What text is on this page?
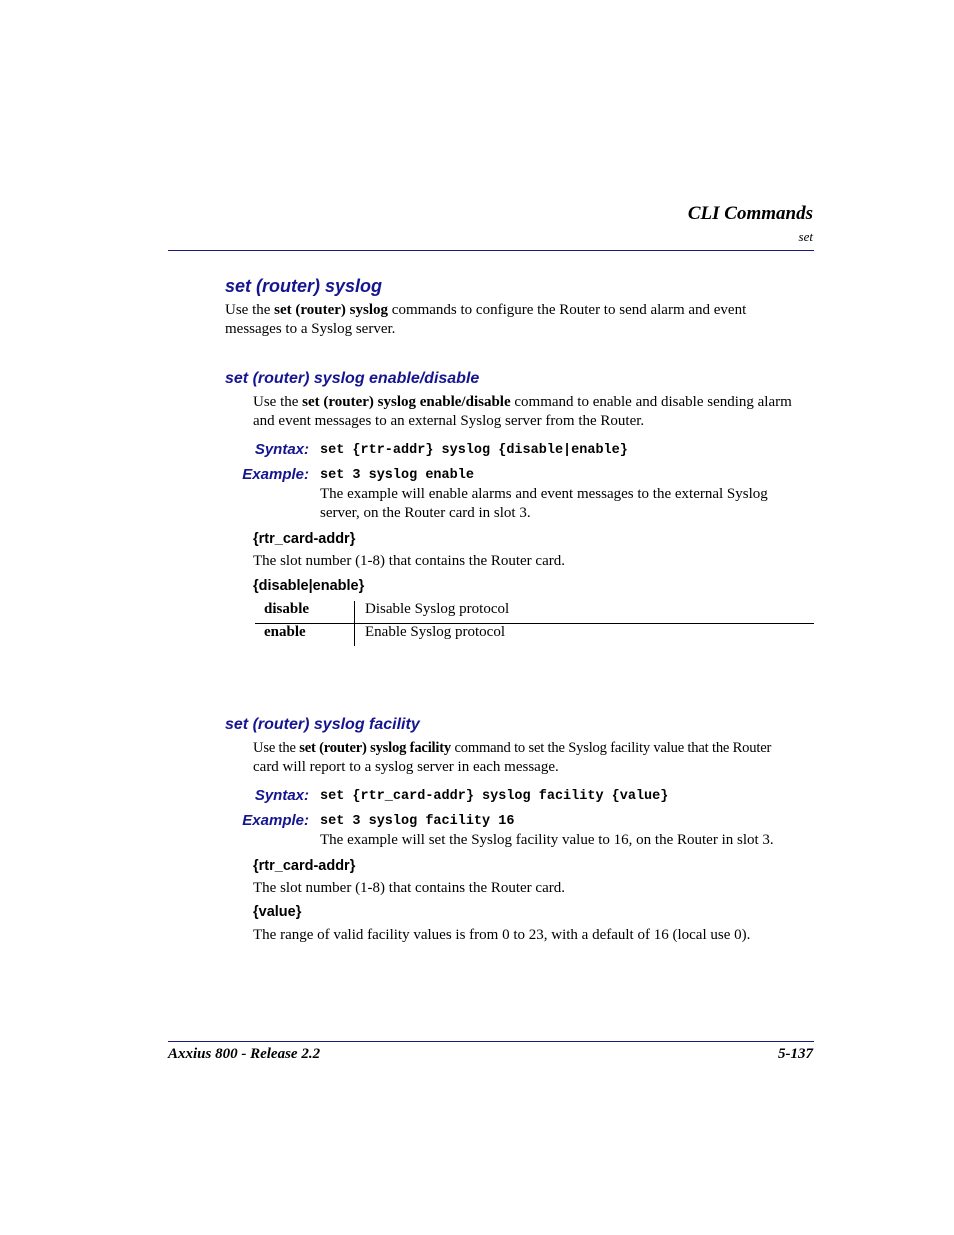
CLI Commands
set
set (router) syslog
Use the set (router) syslog commands to configure the Router to send alarm and event
messages to a Syslog server.
set (router) syslog enable/disable
Use the set (router) syslog enable/disable command to enable and disable sending alarm
and event messages to an external Syslog server from the Router.
Syntax: set {rtr-addr} syslog {disable|enable}
Example: set 3 syslog enable
The example will enable alarms and event messages to the external Syslog
server, on the Router card in slot 3.
{rtr_card-addr}
The slot number (1-8) that contains the Router card.
{disable|enable}
disable	Disable Syslog protocol
enable	Enable Syslog protocol
set (router) syslog facility
Use the set (router) syslog facility command to set the Syslog facility value that the Router
card will report to a syslog server in each message.
Syntax: set {rtr_card-addr} syslog facility {value}
Example: set 3 syslog facility 16
The example will set the Syslog facility value to 16, on the Router in slot 3.
{rtr_card-addr}
The slot number (1-8) that contains the Router card.
{value}
The range of valid facility values is from 0 to 23, with a default of 16 (local use 0).
Axxius 800 - Release 2.2	5-137
